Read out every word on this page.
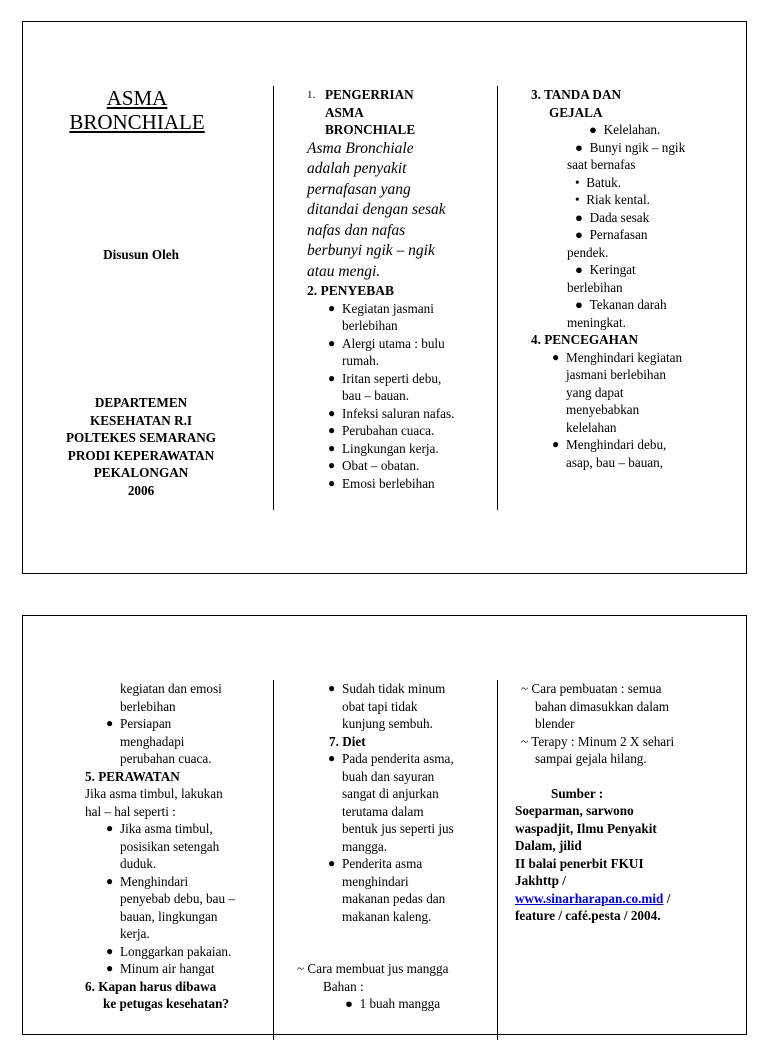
ASMA
BRONCHIALE
Disusun Oleh
DEPARTEMEN
KESEHATAN R.I
POLTEKES SEMARANG
PRODI KEPERAWATAN
PEKALONGAN
2006
1. PENGERRIAN
ASMA
BRONCHIALE
Asma Bronchiale
adalah penyakit
pernafasan yang
ditandai dengan sesak
nafas dan nafas
berbunyi ngik – ngik
atau mengi.
2. PENYEBAB
● Kegiatan jasmani
berlebihan
● Alergi utama : bulu
rumah.
● Iritan seperti debu,
bau – bauan.
● Infeksi saluran nafas.
● Perubahan cuaca.
● Lingkungan kerja.
● Obat – obatan.
● Emosi berlebihan
3. TANDA DAN
GEJALA
●  Kelelahan.
●  Bunyi ngik – ngik
saat bernafas
•  Batuk.
•  Riak kental.
●  Dada sesak
●  Pernafasan
pendek.
●  Keringat
berlebihan
●  Tekanan darah
meningkat.
4. PENCEGAHAN
● Menghindari kegiatan
jasmani berlebihan
yang dapat
menyebabkan
kelelahan
● Menghindari debu,
asap, bau – bauan,
kegiatan dan emosi
berlebihan
● Persiapan
menghadapi
perubahan cuaca.
5. PERAWATAN
Jika asma timbul, lakukan
hal – hal seperti :
● Jika asma timbul,
posisikan setengah
duduk.
● Menghindari
penyebab debu, bau –
bauan, lingkungan
kerja.
● Longgarkan pakaian.
● Minum air hangat
6. Kapan harus dibawa
ke petugas kesehatan?
● Sudah tidak minum
obat tapi tidak
kunjung sembuh.
7. Diet
● Pada penderita asma,
buah dan sayuran
sangat di anjurkan
terutama dalam
bentuk jus seperti jus
mangga.
● Penderita asma
menghindari
makanan pedas dan
makanan kaleng.
~ Cara membuat jus mangga
Bahan :
●  1 buah mangga
~ Cara pembuatan : semua
bahan dimasukkan dalam
blender
~ Terapy : Minum 2 X sehari
sampai gejala hilang.
Sumber :
Soeparman, sarwono
waspadjit, Ilmu Penyakit
Dalam, jilid
II balai penerbit FKUI
Jakhttp /
www.sinarharapan.co.mid /
feature / café.pesta / 2004.
